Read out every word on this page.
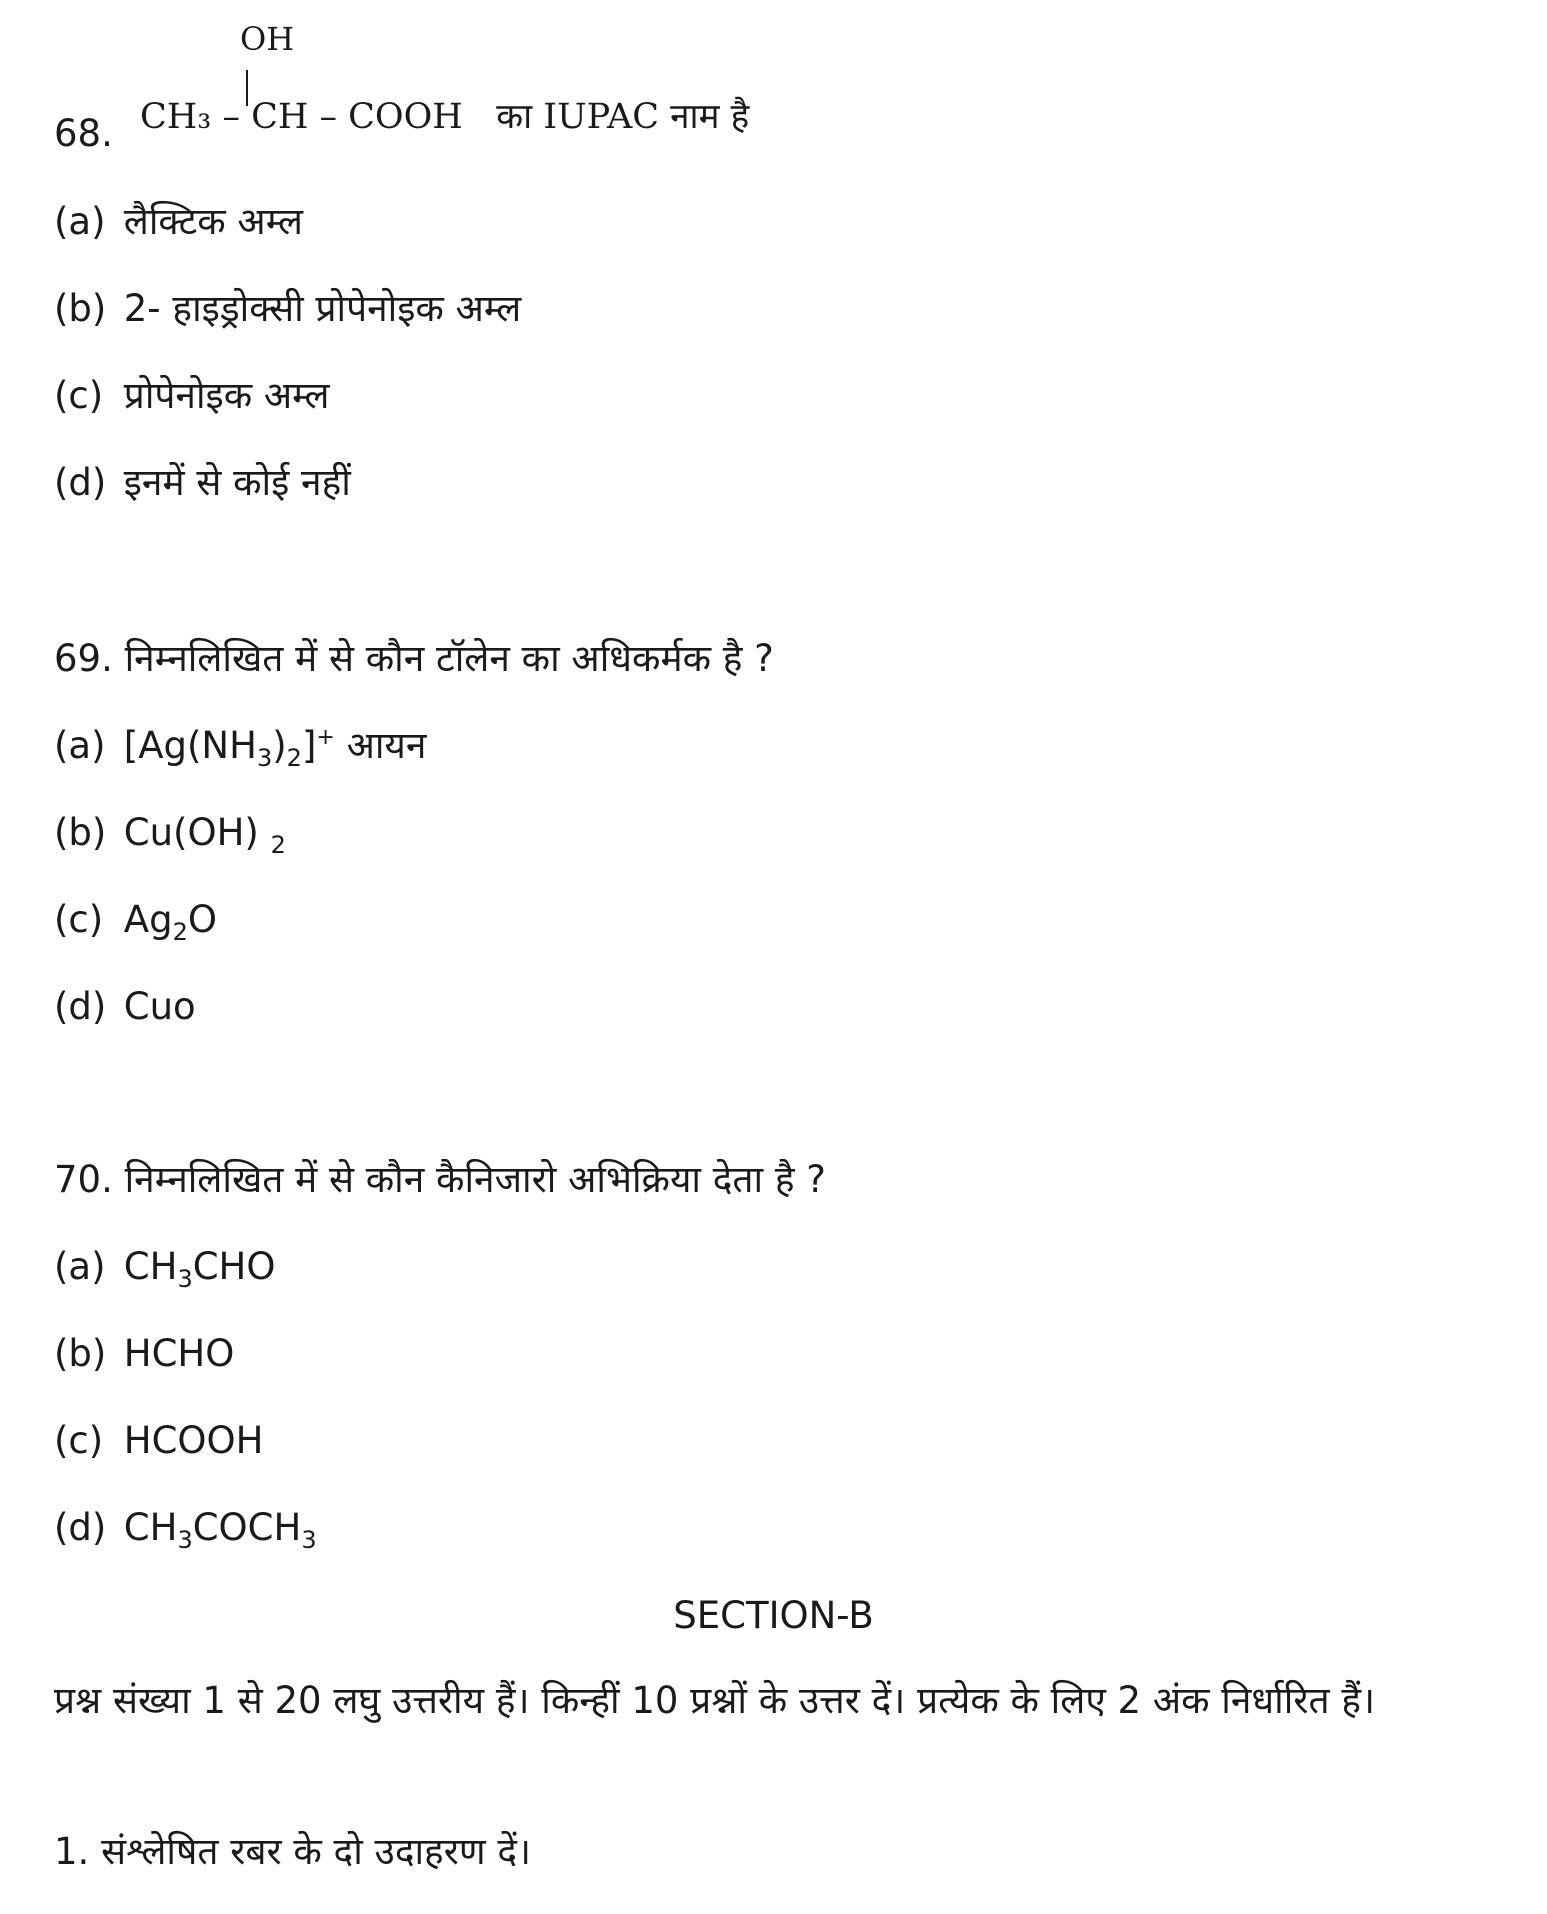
OH
CH₃ – CH – COOH का IUPAC नाम है
68.
(a) लैक्टिक अम्ल
(b) 2- हाइड्रोक्सी प्रोपेनोइक अम्ल
(c) प्रोपेनोइक अम्ल
(d) इनमें से कोई नहीं
69. निम्नलिखित में से कौन टॉलेन का अधिकर्मक है ?
(a) $[Ag(NH_3)_2]^+$ आयन
(b) Cu(OH) $_2$
(c) $Ag_2O$
(d) Cuo
70. निम्नलिखित में से कौन कैनिजारो अभिक्रिया देता है ?
(a) $CH_3CHO$
(b) HCHO
(c) HCOOH
(d) $CH_3COCH_3$
SECTION-B
प्रश्न संख्या 1 से 20 लघु उत्तरीय हैं। किन्हीं 10 प्रश्नों के उत्तर दें। प्रत्येक के लिए 2 अंक निर्धारित हैं।
1. संश्लेषित रबर के दो उदाहरण दें।
